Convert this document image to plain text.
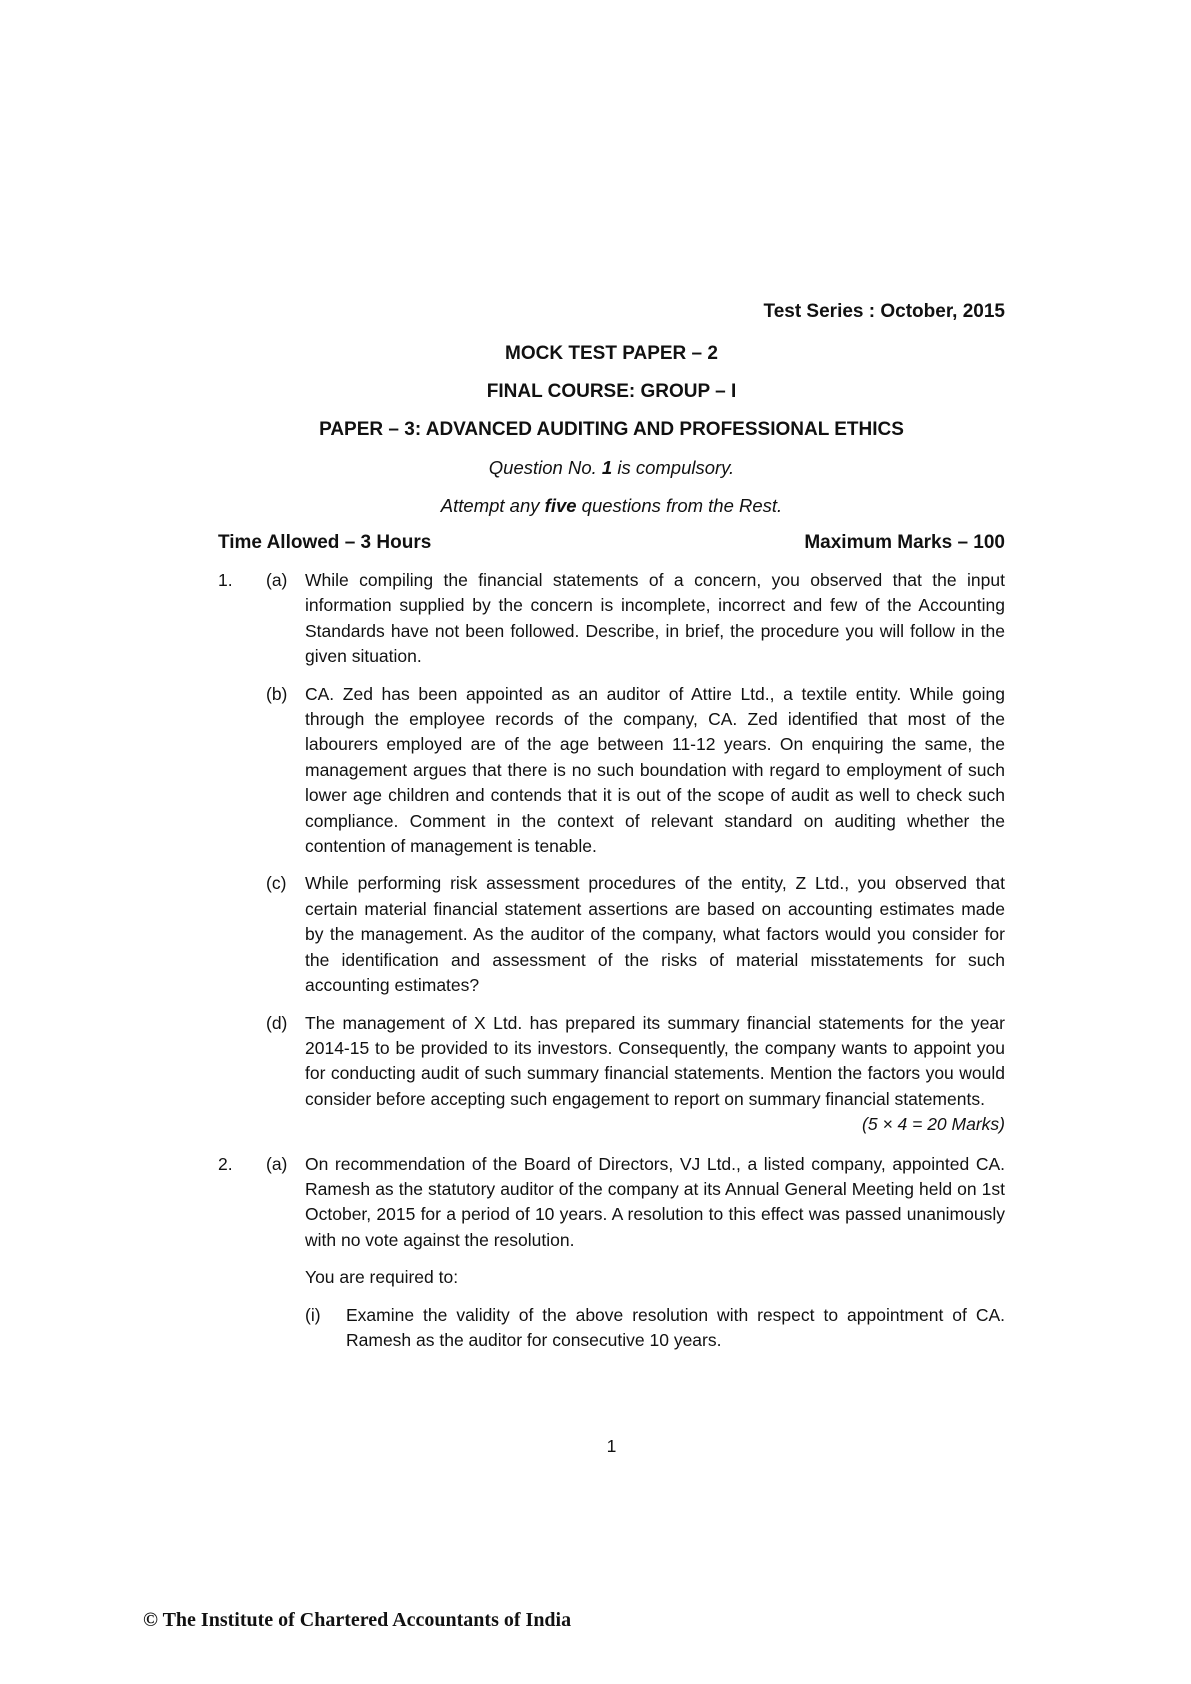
Test Series : October, 2015
MOCK TEST PAPER – 2
FINAL COURSE: GROUP – I
PAPER – 3: ADVANCED AUDITING AND PROFESSIONAL ETHICS
Question No. 1 is compulsory.
Attempt any five questions from the Rest.
Time Allowed – 3 Hours	Maximum Marks – 100
1.	(a)	While compiling the financial statements of a concern, you observed that the input information supplied by the concern is incomplete, incorrect and few of the Accounting Standards have not been followed. Describe, in brief, the procedure you will follow in the given situation.

(b)	CA. Zed has been appointed as an auditor of Attire Ltd., a textile entity. While going through the employee records of the company, CA. Zed identified that most of the labourers employed are of the age between 11-12 years. On enquiring the same, the management argues that there is no such boundation with regard to employment of such lower age children and contends that it is out of the scope of audit as well to check such compliance. Comment in the context of relevant standard on auditing whether the contention of management is tenable.

(c)	While performing risk assessment procedures of the entity, Z Ltd., you observed that certain material financial statement assertions are based on accounting estimates made by the management. As the auditor of the company, what factors would you consider for the identification and assessment of the risks of material misstatements for such accounting estimates?

(d)	The management of X Ltd. has prepared its summary financial statements for the year 2014-15 to be provided to its investors. Consequently, the company wants to appoint you for conducting audit of such summary financial statements. Mention the factors you would consider before accepting such engagement to report on summary financial statements.
(5 × 4 = 20 Marks)

2.	(a)	On recommendation of the Board of Directors, VJ Ltd., a listed company, appointed CA. Ramesh as the statutory auditor of the company at its Annual General Meeting held on 1st October, 2015 for a period of 10 years. A resolution to this effect was passed unanimously with no vote against the resolution.

You are required to:

(i)	Examine the validity of the above resolution with respect to appointment of CA. Ramesh as the auditor for consecutive 10 years.

1
© The Institute of Chartered Accountants of India
